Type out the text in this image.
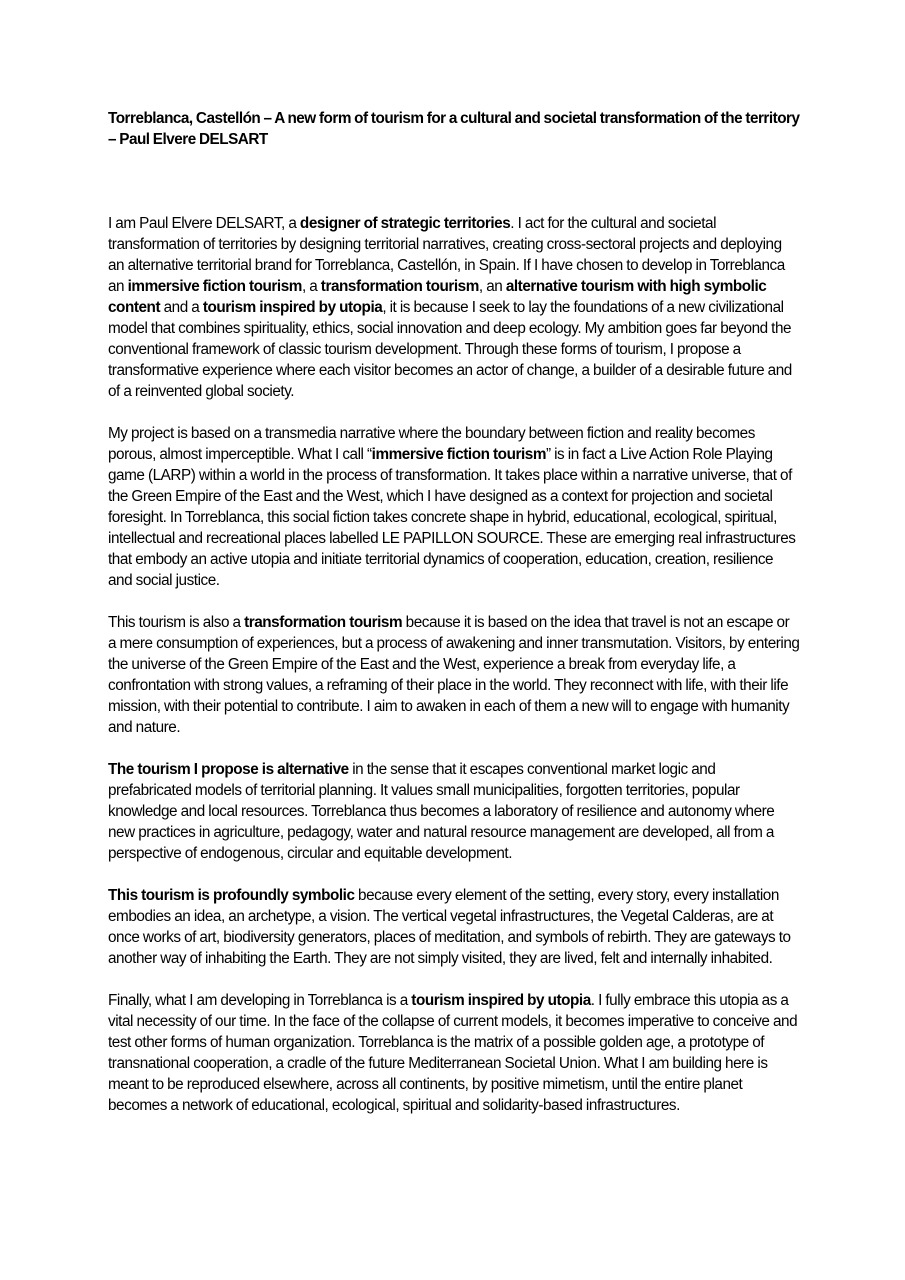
Torreblanca, Castellón – A new form of tourism for a cultural and societal transformation of the territory – Paul Elvere DELSART

I am Paul Elvere DELSART, a designer of strategic territories. I act for the cultural and societal transformation of territories by designing territorial narratives, creating cross-sectoral projects and deploying an alternative territorial brand for Torreblanca, Castellón, in Spain. If I have chosen to develop in Torreblanca an immersive fiction tourism, a transformation tourism, an alternative tourism with high symbolic content and a tourism inspired by utopia, it is because I seek to lay the foundations of a new civilizational model that combines spirituality, ethics, social innovation and deep ecology. My ambition goes far beyond the conventional framework of classic tourism development. Through these forms of tourism, I propose a transformative experience where each visitor becomes an actor of change, a builder of a desirable future and of a reinvented global society.

My project is based on a transmedia narrative where the boundary between fiction and reality becomes porous, almost imperceptible. What I call “immersive fiction tourism” is in fact a Live Action Role Playing game (LARP) within a world in the process of transformation. It takes place within a narrative universe, that of the Green Empire of the East and the West, which I have designed as a context for projection and societal foresight. In Torreblanca, this social fiction takes concrete shape in hybrid, educational, ecological, spiritual, intellectual and recreational places labelled LE PAPILLON SOURCE. These are emerging real infrastructures that embody an active utopia and initiate territorial dynamics of cooperation, education, creation, resilience and social justice.

This tourism is also a transformation tourism because it is based on the idea that travel is not an escape or a mere consumption of experiences, but a process of awakening and inner transmutation. Visitors, by entering the universe of the Green Empire of the East and the West, experience a break from everyday life, a confrontation with strong values, a reframing of their place in the world. They reconnect with life, with their life mission, with their potential to contribute. I aim to awaken in each of them a new will to engage with humanity and nature.

The tourism I propose is alternative in the sense that it escapes conventional market logic and prefabricated models of territorial planning. It values small municipalities, forgotten territories, popular knowledge and local resources. Torreblanca thus becomes a laboratory of resilience and autonomy where new practices in agriculture, pedagogy, water and natural resource management are developed, all from a perspective of endogenous, circular and equitable development.

This tourism is profoundly symbolic because every element of the setting, every story, every installation embodies an idea, an archetype, a vision. The vertical vegetal infrastructures, the Vegetal Calderas, are at once works of art, biodiversity generators, places of meditation, and symbols of rebirth. They are gateways to another way of inhabiting the Earth. They are not simply visited, they are lived, felt and internally inhabited.

Finally, what I am developing in Torreblanca is a tourism inspired by utopia. I fully embrace this utopia as a vital necessity of our time. In the face of the collapse of current models, it becomes imperative to conceive and test other forms of human organization. Torreblanca is the matrix of a possible golden age, a prototype of transnational cooperation, a cradle of the future Mediterranean Societal Union. What I am building here is meant to be reproduced elsewhere, across all continents, by positive mimetism, until the entire planet becomes a network of educational, ecological, spiritual and solidarity-based infrastructures.
